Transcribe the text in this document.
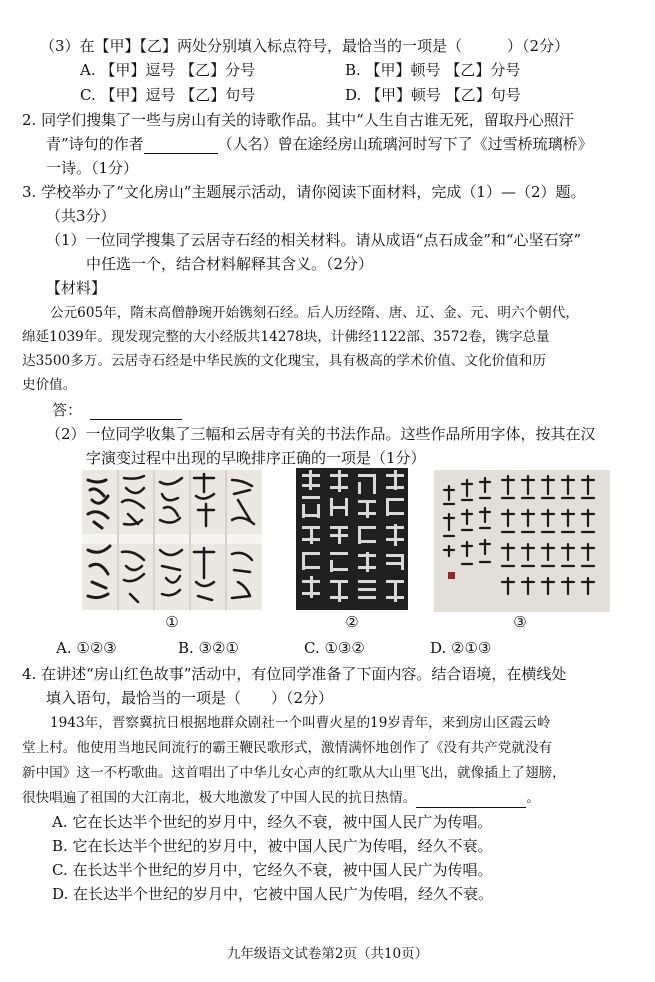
（3）在【甲】【乙】两处分别填入标点符号，最恰当的一项是（　　　）（2分）
A. 【甲】逗号 【乙】分号	B. 【甲】顿号 【乙】分号
C. 【甲】逗号 【乙】句号	D. 【甲】顿号 【乙】句号
2. 同学们搜集了一些与房山有关的诗歌作品。其中“人生自古谁无死，留取丹心照汗
青”诗句的作者	（人名）曾在途经房山琉璃河时写下了《过雪桥琉璃桥》
一诗。（1分）
3. 学校举办了“文化房山”主题展示活动，请你阅读下面材料，完成（1）—（2）题。
（共3分）
（1）一位同学搜集了云居寺石经的相关材料。请从成语“点石成金”和“心坚石穿”
中任选一个，结合材料解释其含义。（2分）
【材料】
公元605年，隋末高僧静琬开始镌刻石经。后人历经隋、唐、辽、金、元、明六个朝代，
绵延1039年。现发现完整的大小经版共14278块，计佛经1122部、3572卷，镌字总量
达3500多万。云居寺石经是中华民族的文化瑰宝，具有极高的学术价值、文化价值和历
史价值。
答：
（2）一位同学收集了三幅和云居寺有关的书法作品。这些作品所用字体，按其在汉
字演变过程中出现的早晚排序正确的一项是（1分）
①	②	③
A. ①②③	B. ③②①	C. ①③②	D. ②①③
4. 在讲述“房山红色故事”活动中，有位同学准备了下面内容。结合语境，在横线处
填入语句，最恰当的一项是（　　）（2分）
1943年，晋察冀抗日根据地群众剧社一个叫曹火星的19岁青年，来到房山区霞云岭
堂上村。他使用当地民间流行的霸王鞭民歌形式，激情满怀地创作了《没有共产党就没有
新中国》这一不朽歌曲。这首唱出了中华儿女心声的红歌从大山里飞出，就像插上了翅膀，
很快唱遍了祖国的大江南北，极大地激发了中国人民的抗日热情。	。
A. 它在长达半个世纪的岁月中，经久不衰，被中国人民广为传唱。
B. 它在长达半个世纪的岁月中，被中国人民广为传唱，经久不衰。
C. 在长达半个世纪的岁月中，它经久不衰，被中国人民广为传唱。
D. 在长达半个世纪的岁月中，它被中国人民广为传唱，经久不衰。
九年级语文试卷第2页（共10页）
